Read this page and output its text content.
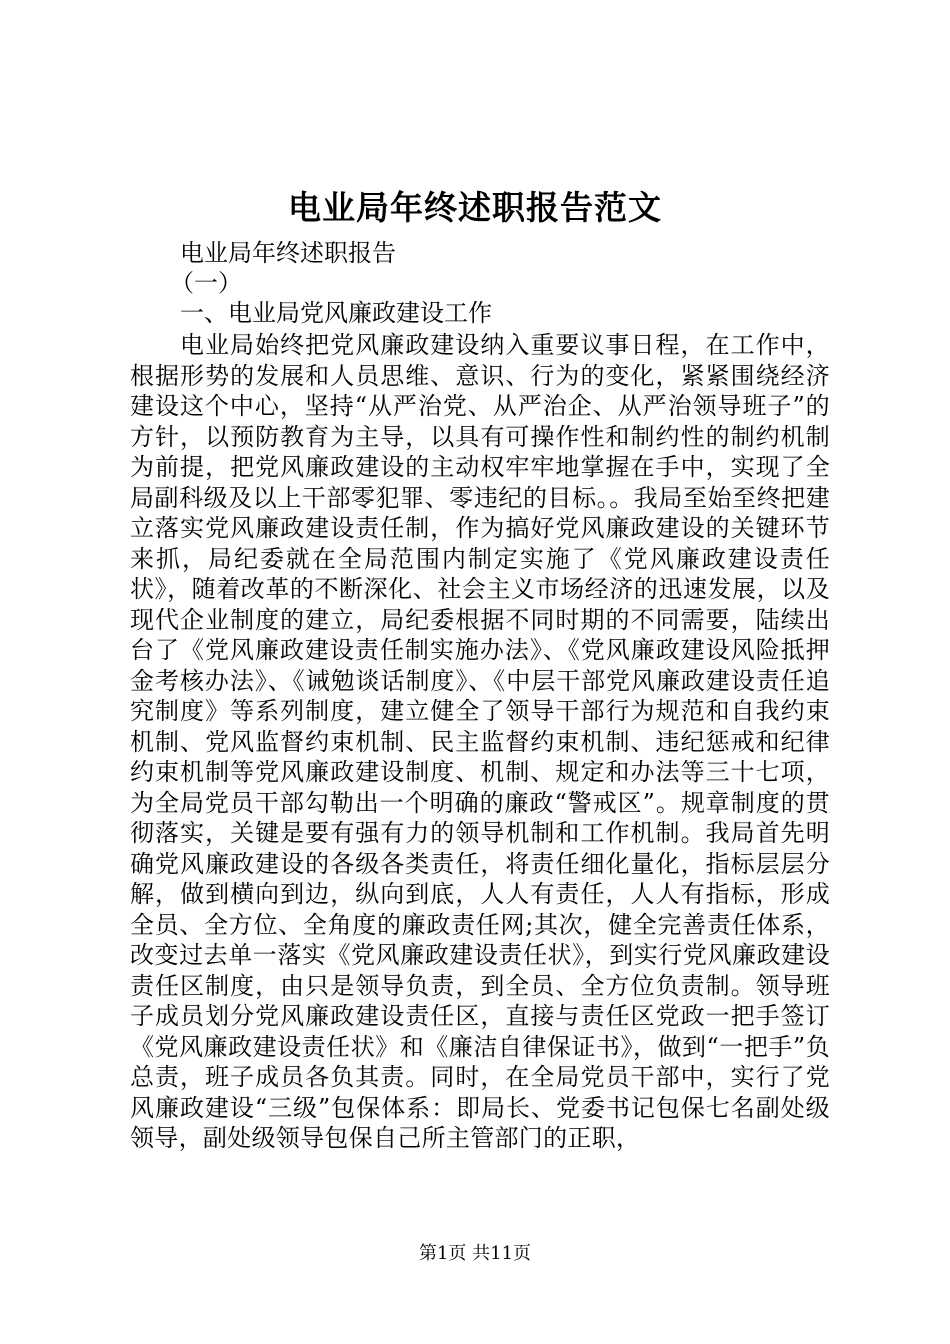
电业局年终述职报告范文
电业局年终述职报告
（一）
一、电业局党风廉政建设工作
电业局始终把党风廉政建设纳入重要议事日程，在工作中，根据形势的发展和人员思维、意识、行为的变化，紧紧围绕经济建设这个中心，坚持“从严治党、从严治企、从严治领导班子”的方针，以预防教育为主导，以具有可操作性和制约性的制约机制为前提，把党风廉政建设的主动权牢牢地掌握在手中，实现了全局副科级及以上干部零犯罪、零违纪的目标。。我局至始至终把建立落实党风廉政建设责任制，作为搞好党风廉政建设的关键环节来抓，局纪委就在全局范围内制定实施了《党风廉政建设责任状》，随着改革的不断深化、社会主义市场经济的迅速发展，以及现代企业制度的建立，局纪委根据不同时期的不同需要，陆续出台了《党风廉政建设责任制实施办法》、《党风廉政建设风险抵押金考核办法》、《诫勉谈话制度》、《中层干部党风廉政建设责任追究制度》等系列制度，建立健全了领导干部行为规范和自我约束机制、党风监督约束机制、民主监督约束机制、违纪惩戒和纪律约束机制等党风廉政建设制度、机制、规定和办法等三十七项，为全局党员干部勾勒出一个明确的廉政“警戒区”。规章制度的贯彻落实，关键是要有强有力的领导机制和工作机制。我局首先明确党风廉政建设的各级各类责任，将责任细化量化，指标层层分解，做到横向到边，纵向到底，人人有责任，人人有指标，形成全员、全方位、全角度的廉政责任网;其次，健全完善责任体系，改变过去单一落实《党风廉政建设责任状》，到实行党风廉政建设责任区制度，由只是领导负责，到全员、全方位负责制。领导班子成员划分党风廉政建设责任区，直接与责任区党政一把手签订《党风廉政建设责任状》和《廉洁自律保证书》，做到“一把手”负总责，班子成员各负其责。同时，在全局党员干部中，实行了党风廉政建设“三级”包保体系：即局长、党委书记包保七名副处级领导，副处级领导包保自己所主管部门的正职，
第1页 共11页
